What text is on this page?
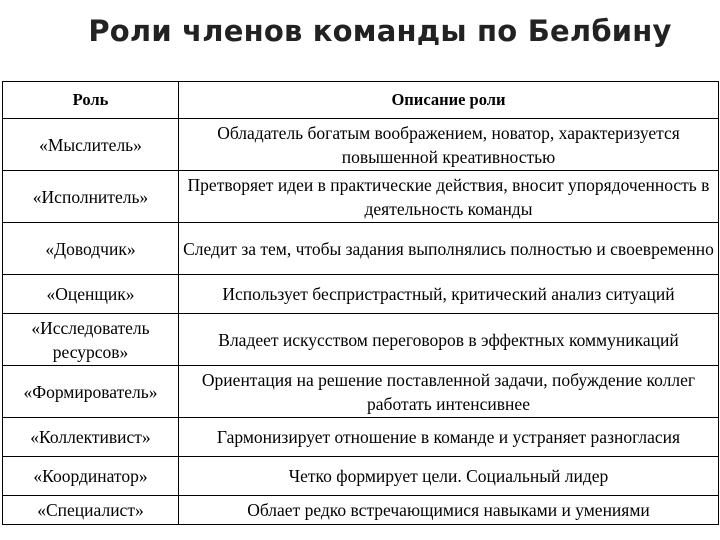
Роли членов команды по Белбину
Роль	Описание роли
«Мыслитель»	Обладатель богатым воображением, новатор, характеризуется повышенной креативностью
«Исполнитель»	Претворяет идеи в практические действия, вносит упорядоченность в деятельность команды
«Доводчик»	Следит за тем, чтобы задания выполнялись полностью и своевременно
«Оценщик»	Использует беспристрастный, критический анализ ситуаций
«Исследователь ресурсов»	Владеет искусством переговоров в эффектных коммуникаций
«Формирователь»	Ориентация на решение поставленной задачи, побуждение коллег работать интенсивнее
«Коллективист»	Гармонизирует отношение в команде и устраняет разногласия
«Координатор»	Четко формирует цели. Социальный лидер
«Специалист»	Облает редко встречающимися навыками и умениями
